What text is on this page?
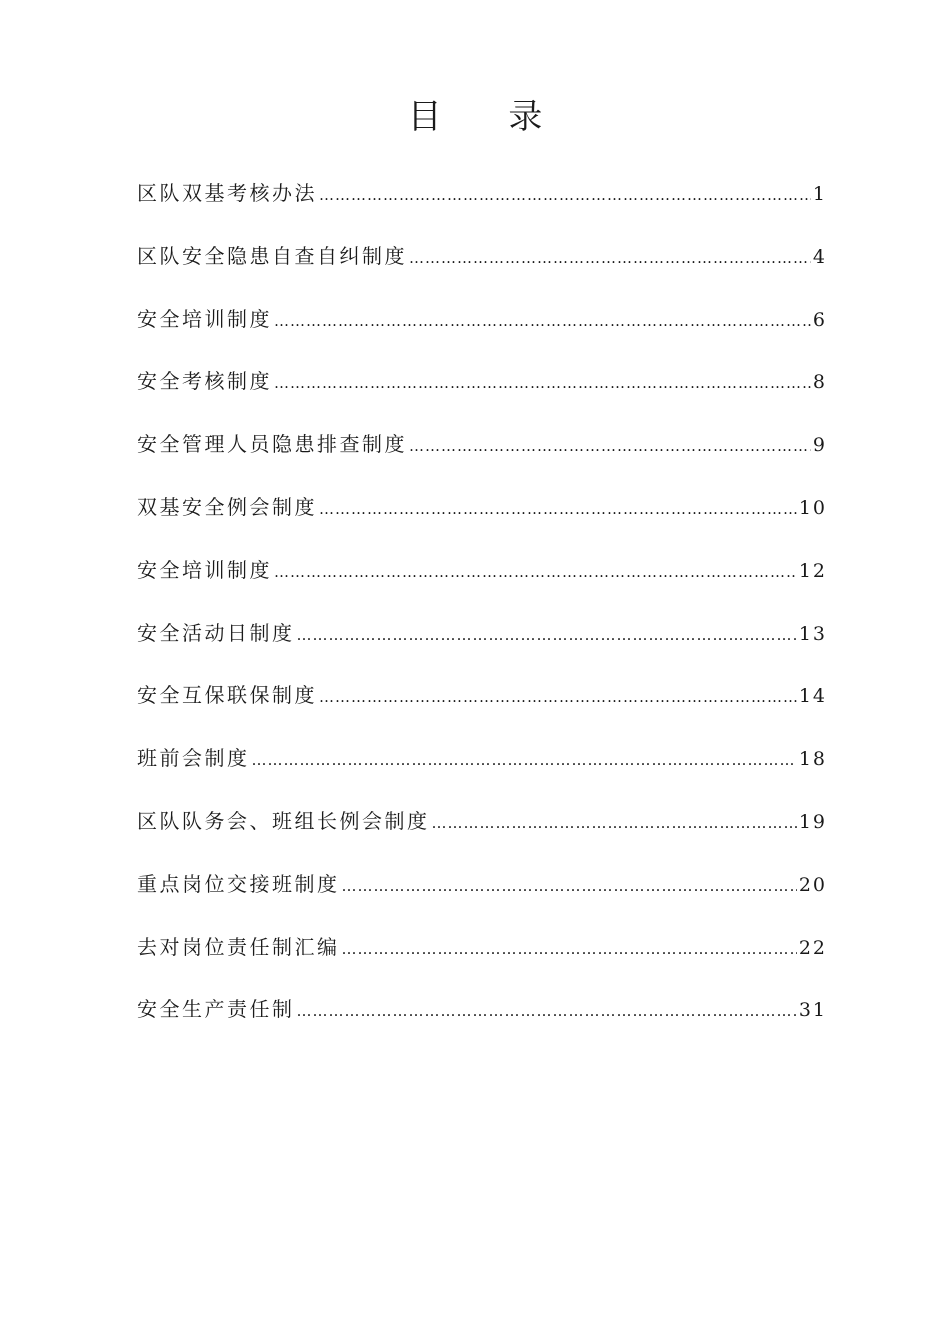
目 录
区队双基考核办法 ………………………………………………………………………………………………………………………………	1
区队安全隐患自查自纠制度 ………………………………………………………………………………………………………………………………	4
安全培训制度 ………………………………………………………………………………………………………………………………	6
安全考核制度 ………………………………………………………………………………………………………………………………	8
安全管理人员隐患排查制度 ………………………………………………………………………………………………………………………………	9
双基安全例会制度 ………………………………………………………………………………………………………………………………	10
安全培训制度 ………………………………………………………………………………………………………………………………	12
安全活动日制度 ………………………………………………………………………………………………………………………………	13
安全互保联保制度 ………………………………………………………………………………………………………………………………	14
班前会制度 ………………………………………………………………………………………………………………………………	18
区队队务会、班组长例会制度 ………………………………………………………………………………………………………………………………	19
重点岗位交接班制度 ………………………………………………………………………………………………………………………………	20
去对岗位责任制汇编 ………………………………………………………………………………………………………………………………	22
安全生产责任制 ………………………………………………………………………………………………………………………………	31
